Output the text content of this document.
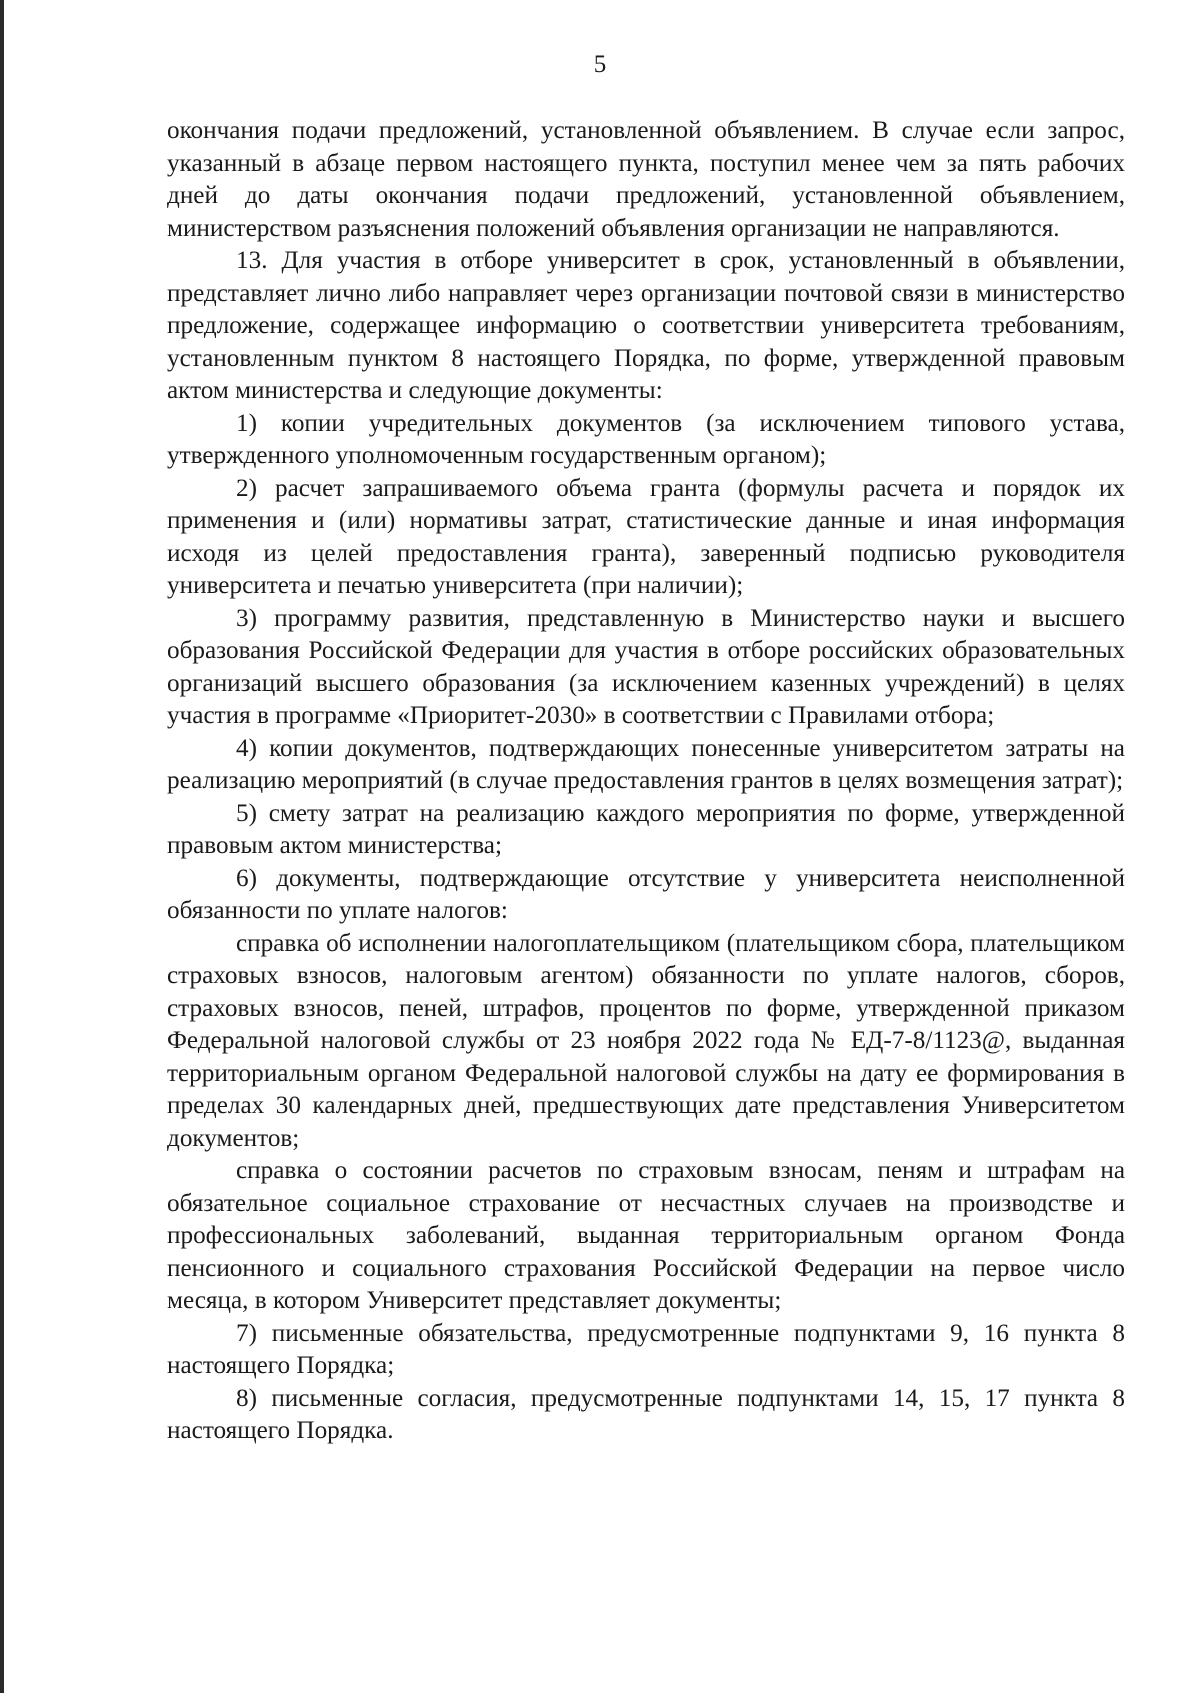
5

окончания подачи предложений, установленной объявлением. В случае если запрос, указанный в абзаце первом настоящего пункта, поступил менее чем за пять рабочих дней до даты окончания подачи предложений, установленной объявлением, министерством разъяснения положений объявления организации не направляются.

13. Для участия в отборе университет в срок, установленный в объявлении, представляет лично либо направляет через организации почтовой связи в министерство предложение, содержащее информацию о соответствии университета требованиям, установленным пунктом 8 настоящего Порядка, по форме, утвержденной правовым актом министерства и следующие документы:

1) копии учредительных документов (за исключением типового устава, утвержденного уполномоченным государственным органом);

2) расчет запрашиваемого объема гранта (формулы расчета и порядок их применения и (или) нормативы затрат, статистические данные и иная информация исходя из целей предоставления гранта), заверенный подписью руководителя университета и печатью университета (при наличии);

3) программу развития, представленную в Министерство науки и высшего образования Российской Федерации для участия в отборе российских образовательных организаций высшего образования (за исключением казенных учреждений) в целях участия в программе «Приоритет-2030» в соответствии с Правилами отбора;

4) копии документов, подтверждающих понесенные университетом затраты на реализацию мероприятий (в случае предоставления грантов в целях возмещения затрат);

5) смету затрат на реализацию каждого мероприятия по форме, утвержденной правовым актом министерства;

6) документы, подтверждающие отсутствие у университета неисполненной обязанности по уплате налогов:

справка об исполнении налогоплательщиком (плательщиком сбора, плательщиком страховых взносов, налоговым агентом) обязанности по уплате налогов, сборов, страховых взносов, пеней, штрафов, процентов по форме, утвержденной приказом Федеральной налоговой службы от 23 ноября 2022 года № ЕД-7-8/1123@, выданная территориальным органом Федеральной налоговой службы на дату ее формирования в пределах 30 календарных дней, предшествующих дате представления Университетом документов;

справка о состоянии расчетов по страховым взносам, пеням и штрафам на обязательное социальное страхование от несчастных случаев на производстве и профессиональных заболеваний, выданная территориальным органом Фонда пенсионного и социального страхования Российской Федерации на первое число месяца, в котором Университет представляет документы;

7) письменные обязательства, предусмотренные подпунктами 9, 16 пункта 8 настоящего Порядка;

8) письменные согласия, предусмотренные подпунктами 14, 15, 17 пункта 8 настоящего Порядка.
